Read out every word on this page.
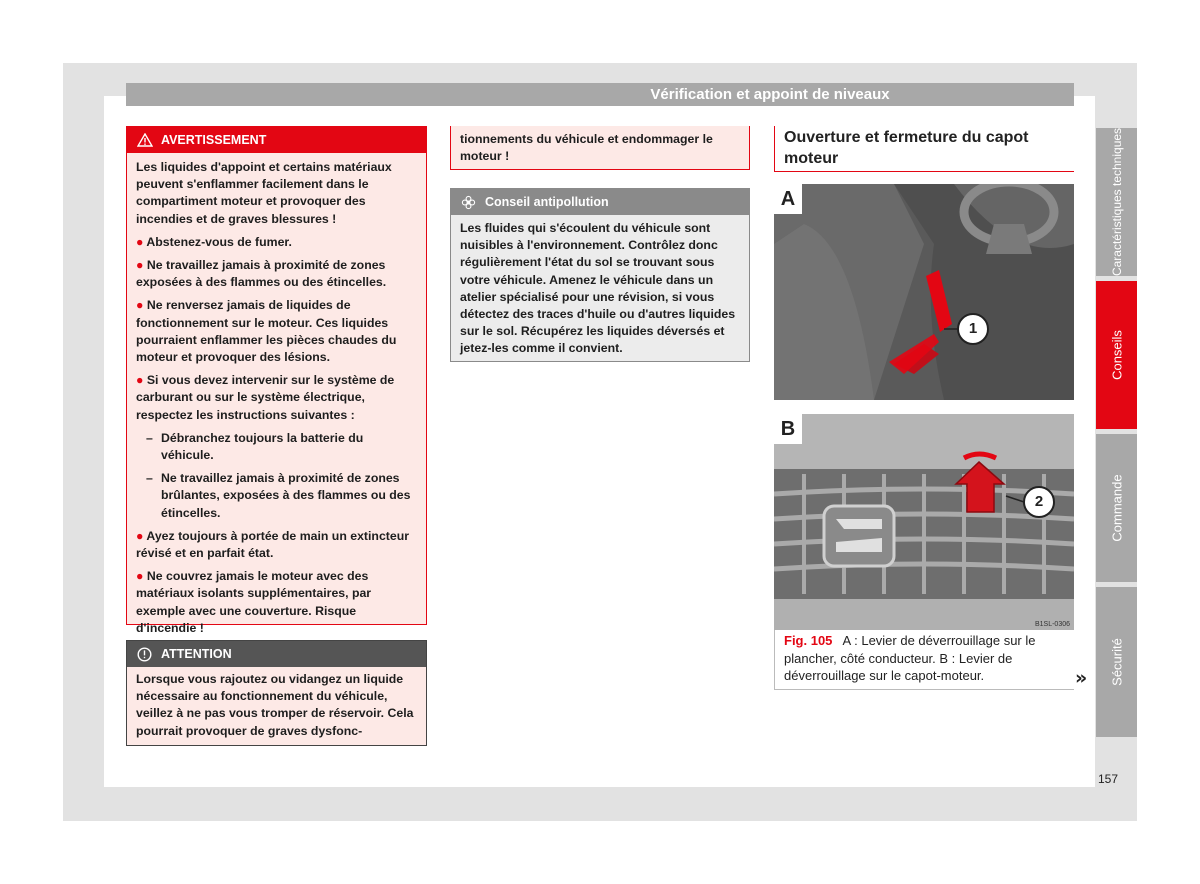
Vérification et appoint de niveaux
AVERTISSEMENT

Les liquides d'appoint et certains matériaux peuvent s'enflammer facilement dans le compartiment moteur et provoquer des incendies et de graves blessures !

● Abstenez-vous de fumer.
● Ne travaillez jamais à proximité de zones exposées à des flammes ou des étincelles.
● Ne renversez jamais de liquides de fonctionnement sur le moteur. Ces liquides pourraient enflammer les pièces chaudes du moteur et provoquer des lésions.
● Si vous devez intervenir sur le système de carburant ou sur le système électrique, respectez les instructions suivantes :
– Débranchez toujours la batterie du véhicule.
– Ne travaillez jamais à proximité de zones brûlantes, exposées à des flammes ou des étincelles.
● Ayez toujours à portée de main un extincteur révisé et en parfait état.
● Ne couvrez jamais le moteur avec des matériaux isolants supplémentaires, par exemple avec une couverture. Risque d'incendie !
ATTENTION
Lorsque vous rajoutez ou vidangez un liquide nécessaire au fonctionnement du véhicule, veillez à ne pas vous tromper de réservoir. Cela pourrait provoquer de graves dysfonc-
tionnements du véhicule et endommager le moteur !
Conseil antipollution
Les fluides qui s'écoulent du véhicule sont nuisibles à l'environnement. Contrôlez donc régulièrement l'état du sol se trouvant sous votre véhicule. Amenez le véhicule dans un atelier spécialisé pour une révision, si vous détectez des traces d'huile ou d'autres liquides sur le sol. Récupérez les liquides déversés et jetez-les comme il convient.
Ouverture et fermeture du capot moteur
A
1
B
2
B1SL-0306
Fig. 105 A : Levier de déverrouillage sur le plancher, côté conducteur. B : Levier de déverrouillage sur le capot-moteur.	»
Caractéristiques techniques
Conseils
Commande
Sécurité
157
